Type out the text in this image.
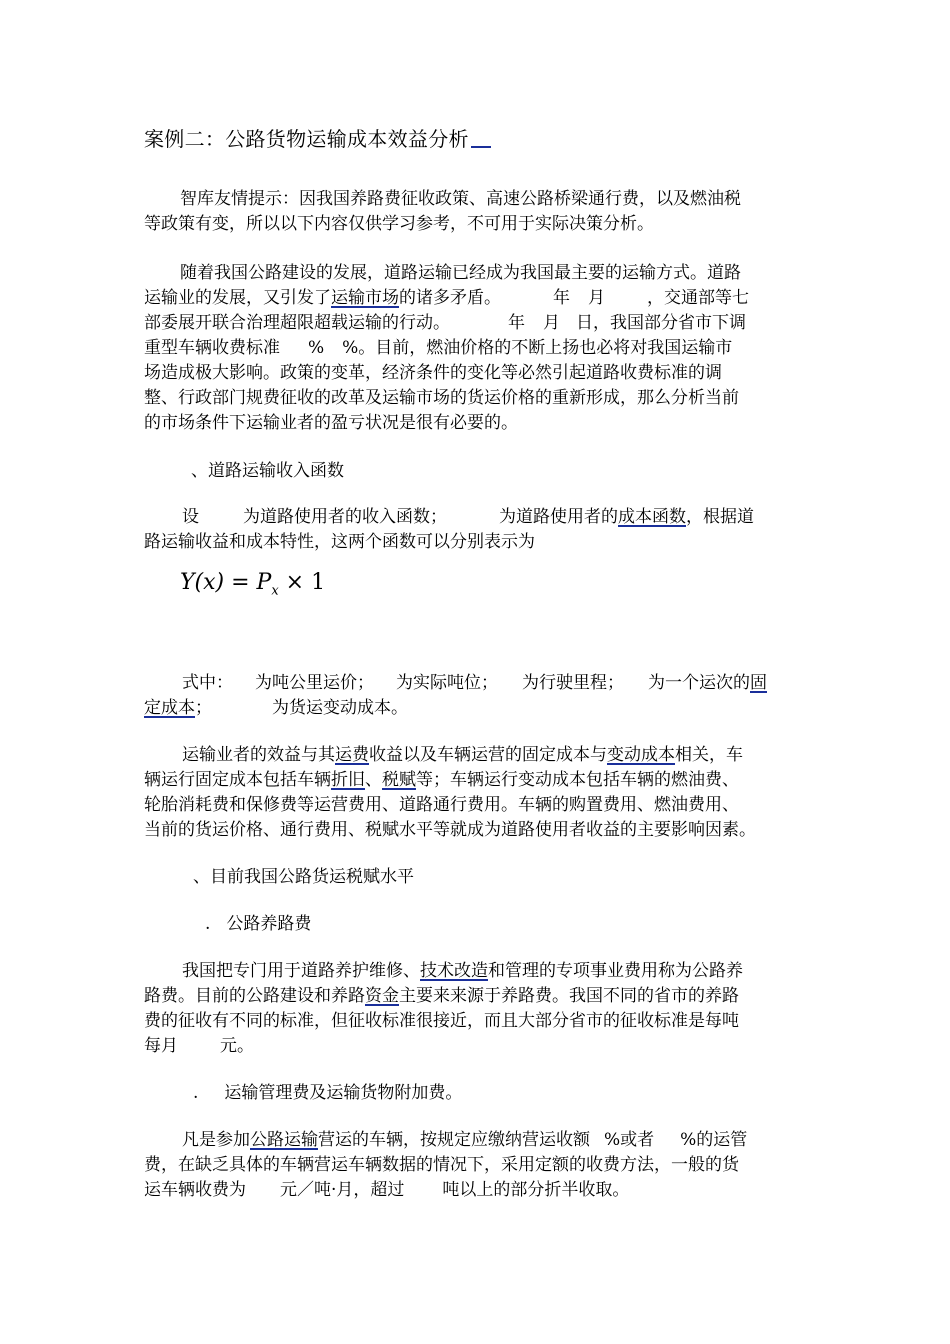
案例二：公路货物运输成本效益分析
智库友情提示：因我国养路费征收政策、高速公路桥梁通行费，以及燃油税
等政策有变，所以以下内容仅供学习参考，不可用于实际决策分析。
随着我国公路建设的发展，道路运输已经成为我国最主要的运输方式。道路
运输业的发展，又引发了运输市场的诸多矛盾。	年 月 ，交通部等七
部委展开联合治理超限超载运输的行动。	年 月 日，我国部分省市下调
重型车辆收费标准 % %。目前，燃油价格的不断上扬也必将对我国运输市
场造成极大影响。政策的变革，经济条件的变化等必然引起道路收费标准的调
整、行政部门规费征收的改革及运输市场的货运价格的重新形成，那么分析当前
的市场条件下运输业者的盈亏状况是很有必要的。
、道路运输收入函数
设	为道路使用者的收入函数；	为道路使用者的成本函数，根据道
路运输收益和成本特性，这两个函数可以分别表示为
$Y(x) = P_x \times 1$
式中： 为吨公里运价； 为实际吨位； 为行驶里程； 为一个运次的固
定成本；	为货运变动成本。
运输业者的效益与其运费收益以及车辆运营的固定成本与变动成本相关，车
辆运行固定成本包括车辆折旧、税赋等；车辆运行变动成本包括车辆的燃油费、
轮胎消耗费和保修费等运营费用、道路通行费用。车辆的购置费用、燃油费用、
当前的货运价格、通行费用、税赋水平等就成为道路使用者收益的主要影响因素。
、目前我国公路货运税赋水平
. 公路养路费
我国把专门用于道路养护维修、技术改造和管理的专项事业费用称为公路养
路费。目前的公路建设和养路资金主要来来源于养路费。我国不同的省市的养路
费的征收有不同的标准，但征收标准很接近，而且大部分省市的征收标准是每吨
每月 元。
. 运输管理费及运输货物附加费。
凡是参加公路运输营运的车辆，按规定应缴纳营运收额 %或者 %的运管
费，在缺乏具体的车辆营运车辆数据的情况下，采用定额的收费方法，一般的货
运车辆收费为 元／吨·月，超过 吨以上的部分折半收取。
